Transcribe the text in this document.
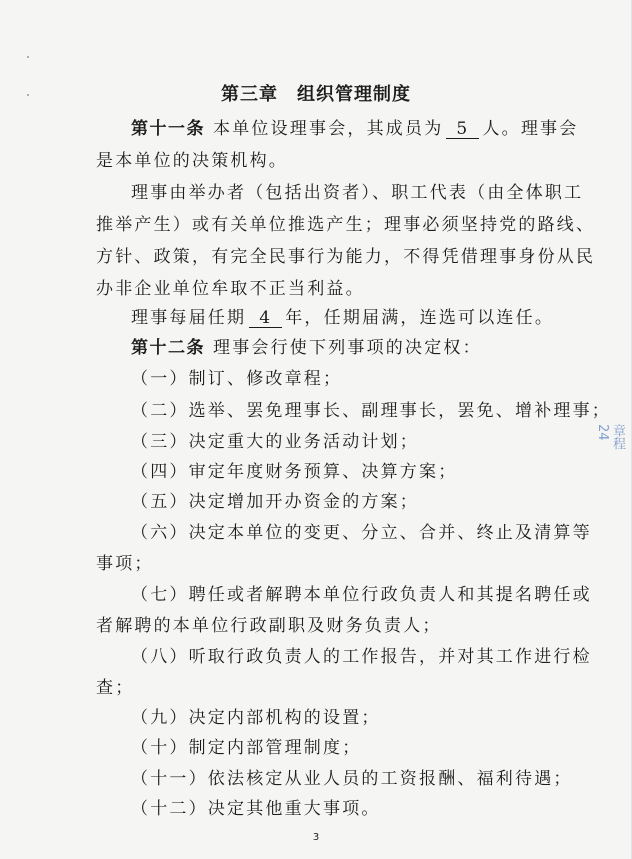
第三章　组织管理制度
第十一条 本单位设理事会，其成员为 5 人。理事会
是本单位的决策机构。
理事由举办者（包括出资者）、职工代表（由全体职工
推举产生）或有关单位推选产生；理事必须坚持党的路线、
方针、政策，有完全民事行为能力，不得凭借理事身份从民
办非企业单位牟取不正当利益。
理事每届任期 4 年，任期届满，连选可以连任。
第十二条 理事会行使下列事项的决定权：
（一）制订、修改章程；
（二）选举、罢免理事长、副理事长，罢免、增补理事；
（三）决定重大的业务活动计划；
（四）审定年度财务预算、决算方案；
（五）决定增加开办资金的方案；
（六）决定本单位的变更、分立、合并、终止及清算等
事项；
（七）聘任或者解聘本单位行政负责人和其提名聘任或
者解聘的本单位行政副职及财务负责人；
（八）听取行政负责人的工作报告，并对其工作进行检
查；
（九）决定内部机构的设置；
（十）制定内部管理制度；
（十一）依法核定从业人员的工资报酬、福利待遇；
（十二）决定其他重大事项。
3
章程 24
